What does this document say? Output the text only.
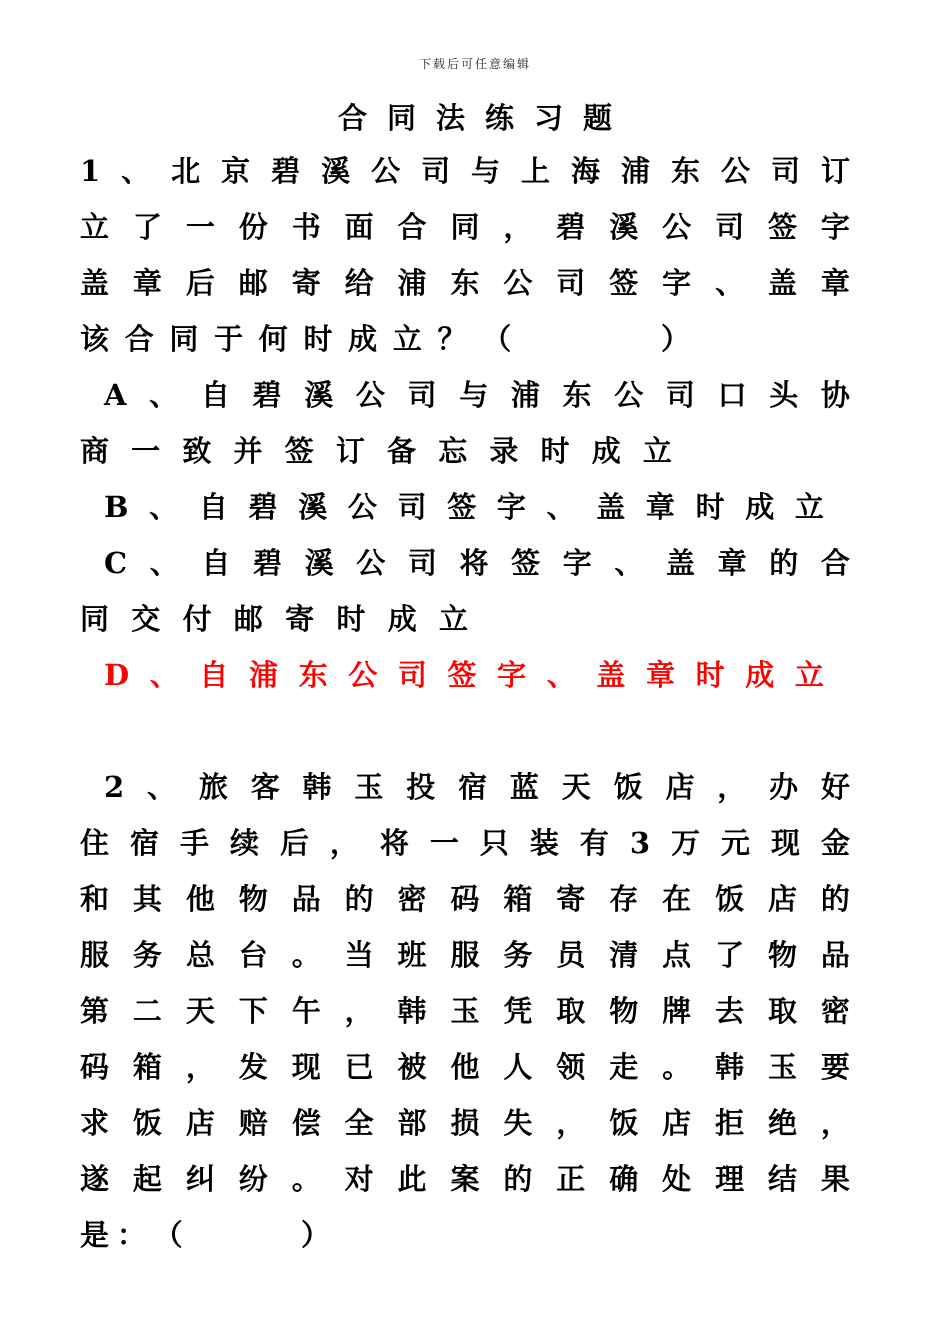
下载后可任意编辑
合同法练习题
1 、 北 京 碧 溪 公 司 与 上 海 浦 东 公 司 订
立 了 一 份 书 面 合 同 ， 碧 溪 公 司 签 字
盖 章 后 邮 寄 给 浦 东 公 司 签 字 、 盖 章
该 合 同 于 何 时 成 立 ？ （

　	）
A 、 自 碧 溪 公 司 与 浦 东 公 司 口 头 协
商 一 致 并 签 订 备 忘 录 时 成 立
B 、 自 碧 溪 公 司 签 字 、 盖 章 时 成 立
C 、 自 碧 溪 公 司 将 签 字 、 盖 章 的 合
同 交 付 邮 寄 时 成 立
D 、 自 浦 东 公 司 签 字 、 盖 章 时 成 立
2 、 旅 客 韩 玉 投 宿 蓝 天 饭 店 ， 办 好
住 宿 手 续 后 ， 将 一 只 装 有 3 万 元 现 金
和 其 他 物 品 的 密 码 箱 寄 存 在 饭 店 的
服 务 总 台 。 当 班 服 务 员 清 点 了 物 品
第 二 天 下 午 ， 韩 玉 凭 取 物 牌 去 取 密
码 箱 ， 发 现 已 被 他 人 领 走 。 韩 玉 要
求 饭 店 赔 偿 全 部 损 失 ， 饭 店 拒 绝 ，
遂 起 纠 纷 。 对 此 案 的 正 确 处 理 结 果
是 ： （

　	）
